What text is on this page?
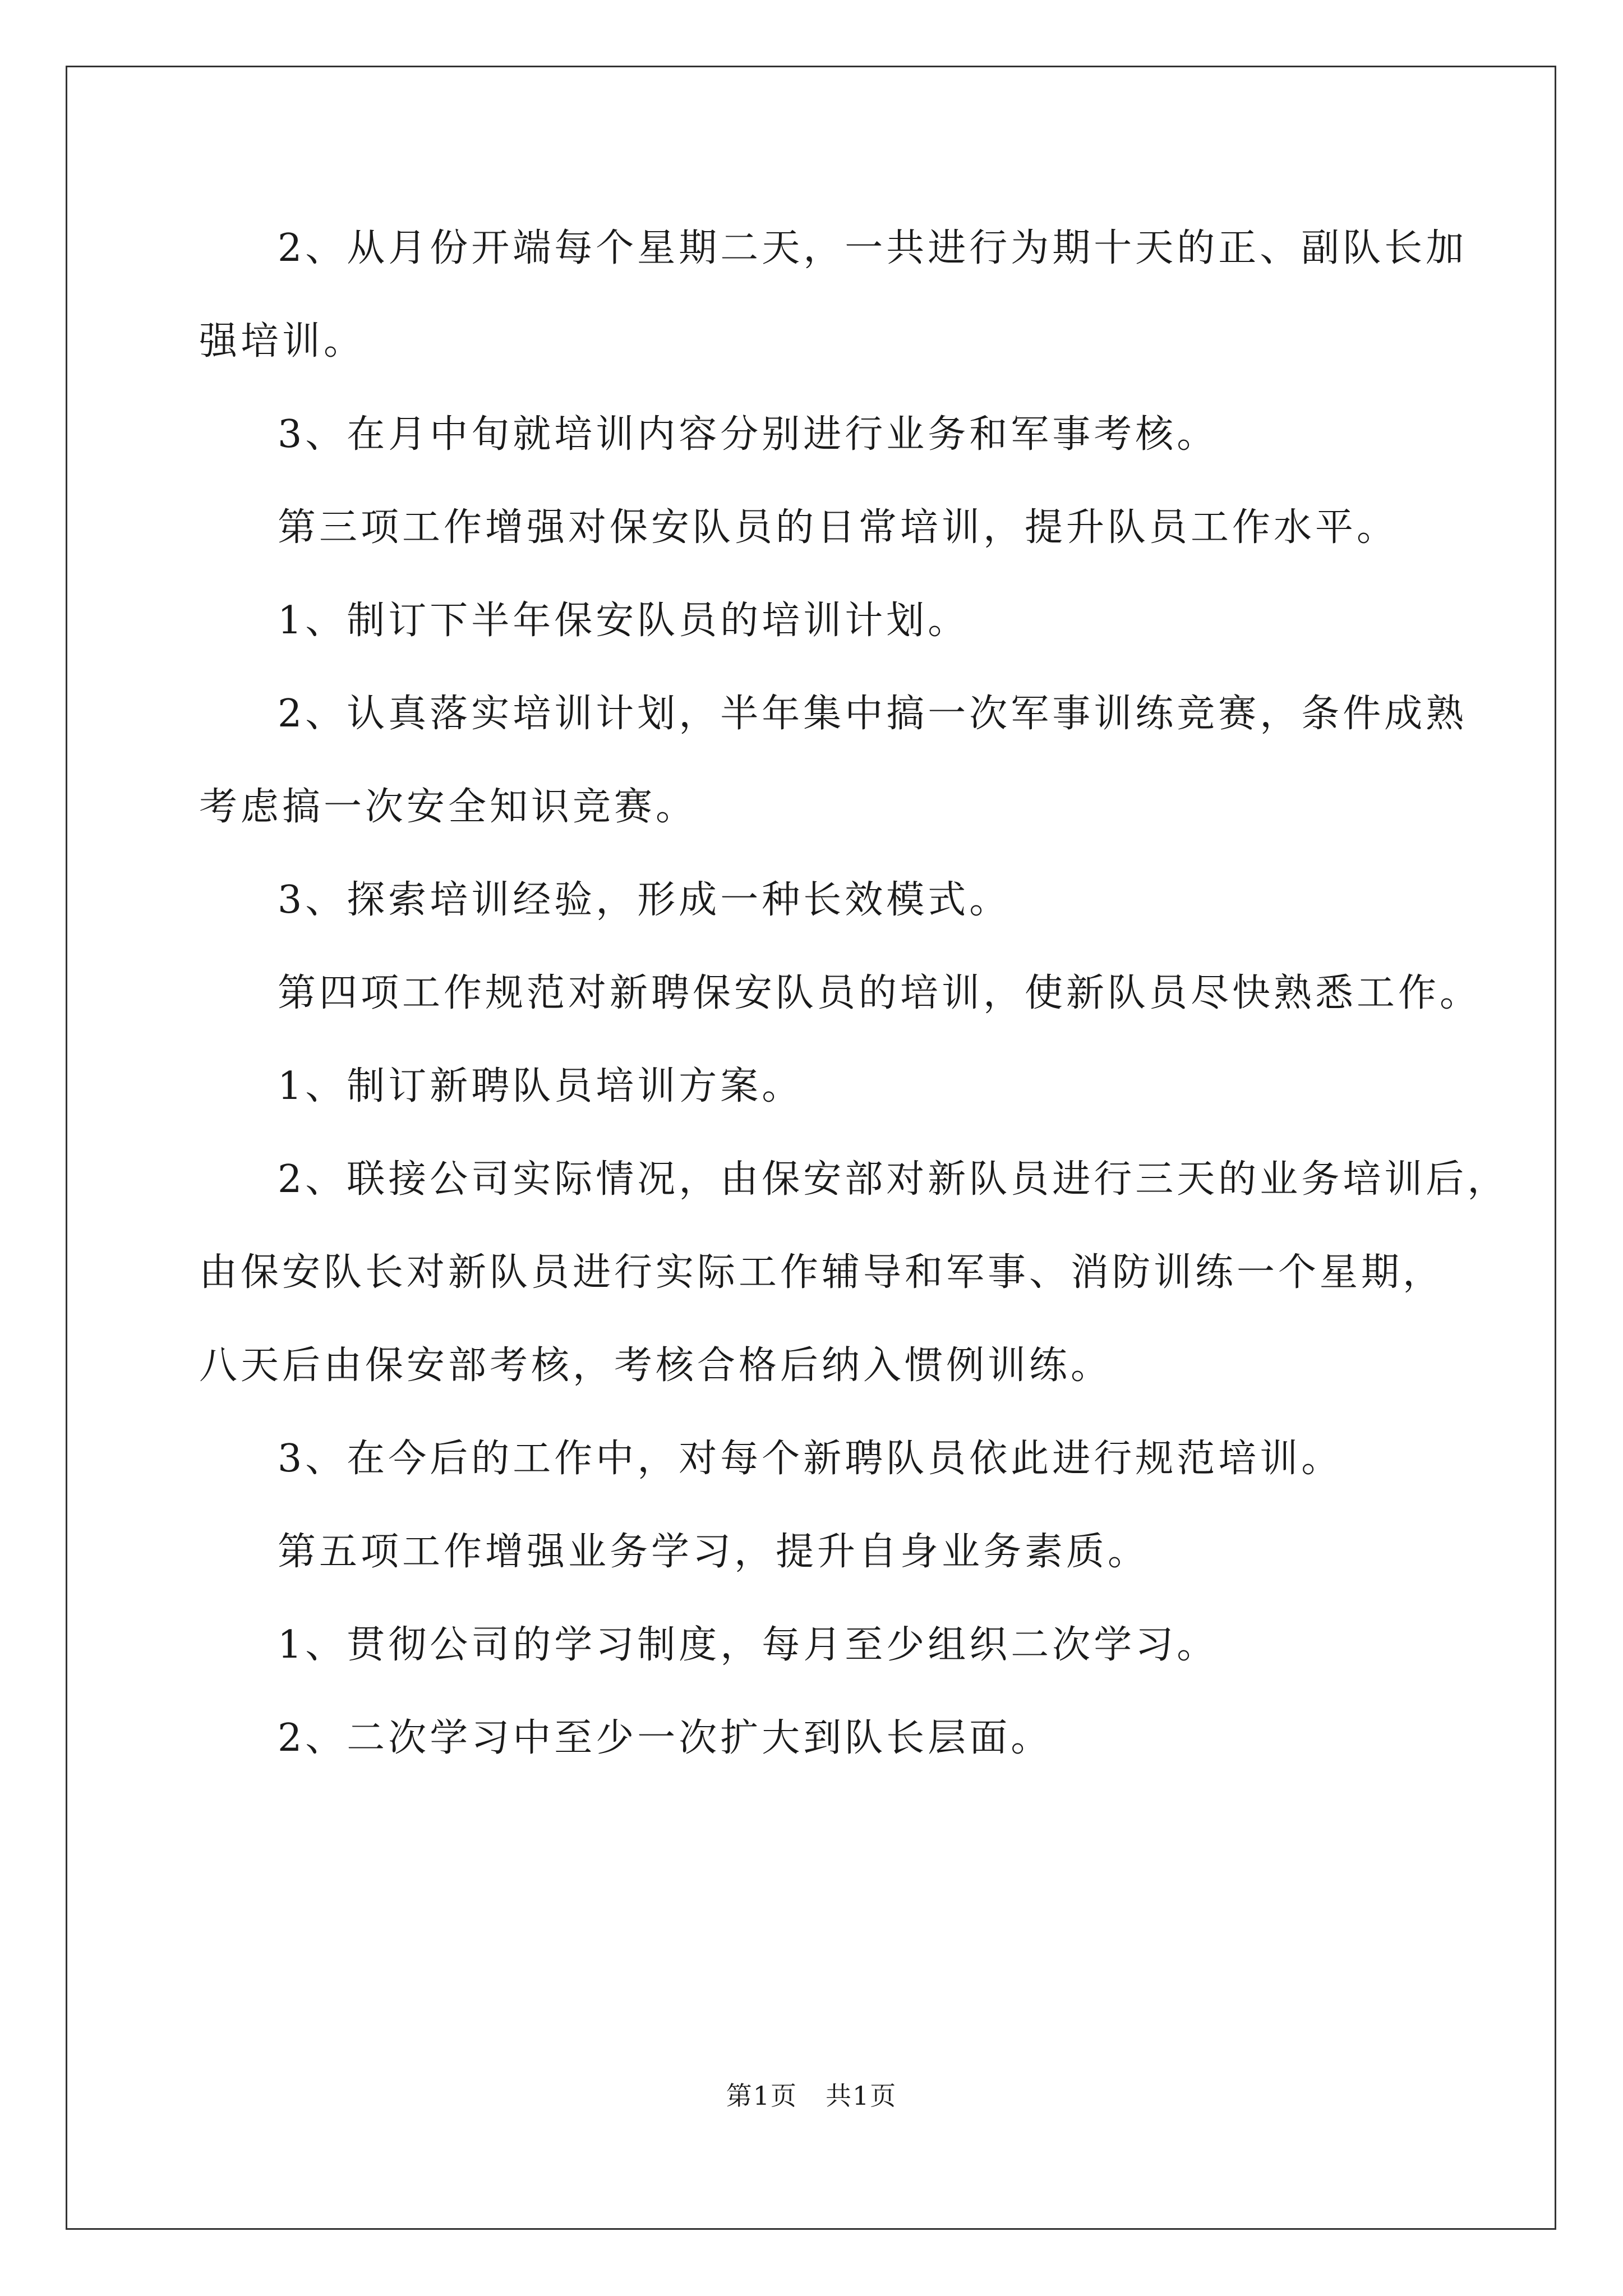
2、从月份开端每个星期二天，一共进行为期十天的正、副队长加
强培训。
3、在月中旬就培训内容分别进行业务和军事考核。
第三项工作增强对保安队员的日常培训，提升队员工作水平。
1、制订下半年保安队员的培训计划。
2、认真落实培训计划，半年集中搞一次军事训练竞赛，条件成熟
考虑搞一次安全知识竞赛。
3、探索培训经验，形成一种长效模式。
第四项工作规范对新聘保安队员的培训，使新队员尽快熟悉工作。
1、制订新聘队员培训方案。
2、联接公司实际情况，由保安部对新队员进行三天的业务培训后，
由保安队长对新队员进行实际工作辅导和军事、消防训练一个星期，
八天后由保安部考核，考核合格后纳入惯例训练。
3、在今后的工作中，对每个新聘队员依此进行规范培训。
第五项工作增强业务学习，提升自身业务素质。
1、贯彻公司的学习制度，每月至少组织二次学习。
2、二次学习中至少一次扩大到队长层面。
第1页 共1页
